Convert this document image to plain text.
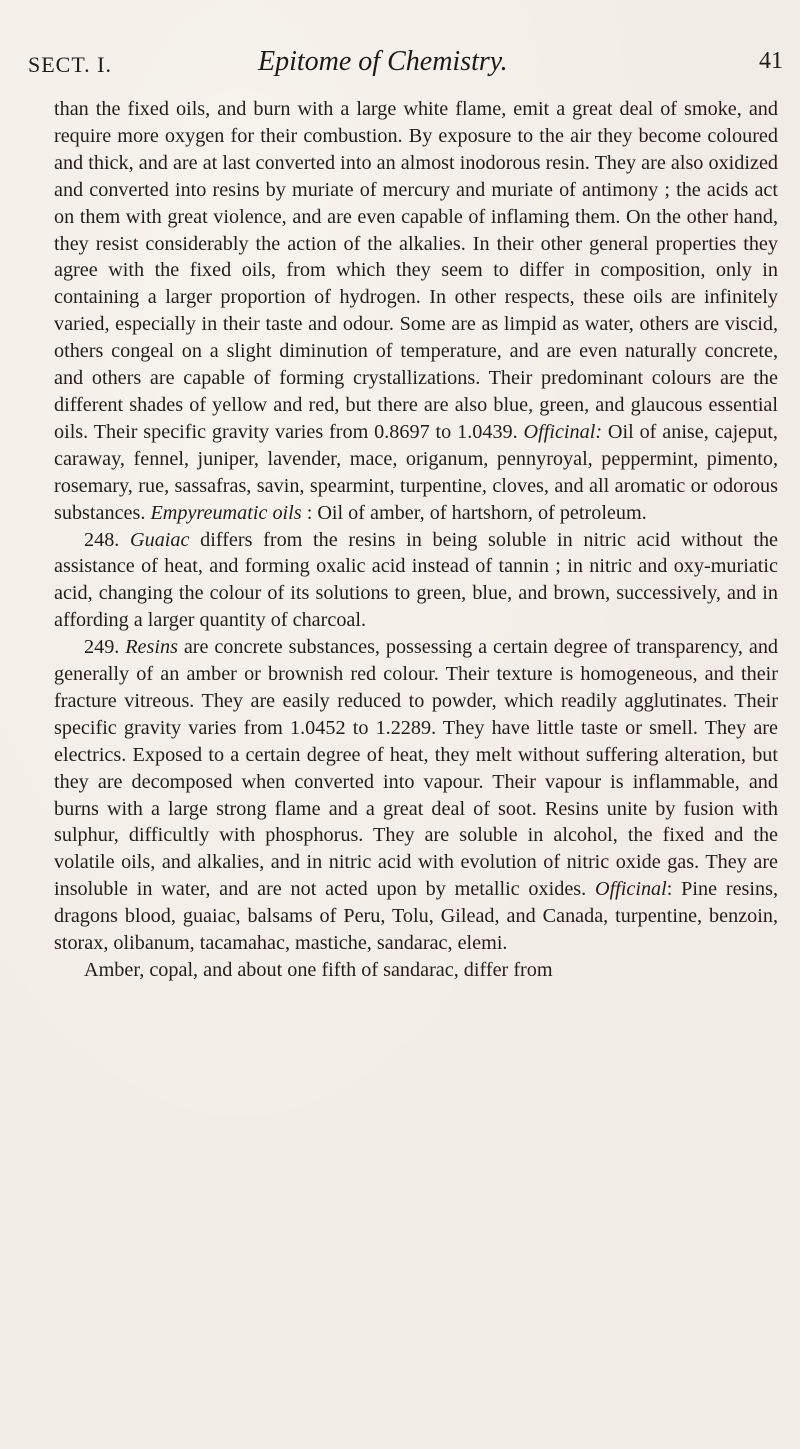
SECT. I.	Epitome of Chemistry.	41

than the fixed oils, and burn with a large white flame, emit a great deal of smoke, and require more oxygen for their combustion. By exposure to the air they become coloured and thick, and are at last converted into an almost inodorous resin. They are also oxidized and converted into resins by muriate of mercury and muriate of antimony ; the acids act on them with great violence, and are even capable of inflaming them. On the other hand, they resist considerably the action of the alkalies. In their other general properties they agree with the fixed oils, from which they seem to differ in composition, only in containing a larger proportion of hydrogen. In other respects, these oils are infinitely varied, especially in their taste and odour. Some are as limpid as water, others are viscid, others congeal on a slight diminution of temperature, and are even naturally concrete, and others are capable of forming crystallizations. Their predominant colours are the different shades of yellow and red, but there are also blue, green, and glaucous essential oils. Their specific gravity varies from 0.8697 to 1.0439. Officinal: Oil of anise, cajeput, caraway, fennel, juniper, lavender, mace, origanum, pennyroyal, peppermint, pimento, rosemary, rue, sassafras, savin, spearmint, turpentine, cloves, and all aromatic or odorous substances. Empyreumatic oils : Oil of amber, of hartshorn, of petroleum.

248. Guaiac differs from the resins in being soluble in nitric acid without the assistance of heat, and forming oxalic acid instead of tannin ; in nitric and oxy-muriatic acid, changing the colour of its solutions to green, blue, and brown, successively, and in affording a larger quantity of charcoal.

249. Resins are concrete substances, possessing a certain degree of transparency, and generally of an amber or brownish red colour. Their texture is homogeneous, and their fracture vitreous. They are easily reduced to powder, which readily agglutinates. Their specific gravity varies from 1.0452 to 1.2289. They have little taste or smell. They are electrics. Exposed to a certain degree of heat, they melt without suffering alteration, but they are decomposed when converted into vapour. Their vapour is inflammable, and burns with a large strong flame and a great deal of soot. Resins unite by fusion with sulphur, difficultly with phosphorus. They are soluble in alcohol, the fixed and the volatile oils, and alkalies, and in nitric acid with evolution of nitric oxide gas. They are insoluble in water, and are not acted upon by metallic oxides. Officinal: Pine resins, dragons blood, guaiac, balsams of Peru, Tolu, Gilead, and Canada, turpentine, benzoin, storax, olibanum, tacamahac, mastiche, sandarac, elemi.

Amber, copal, and about one fifth of sandarac, differ from
